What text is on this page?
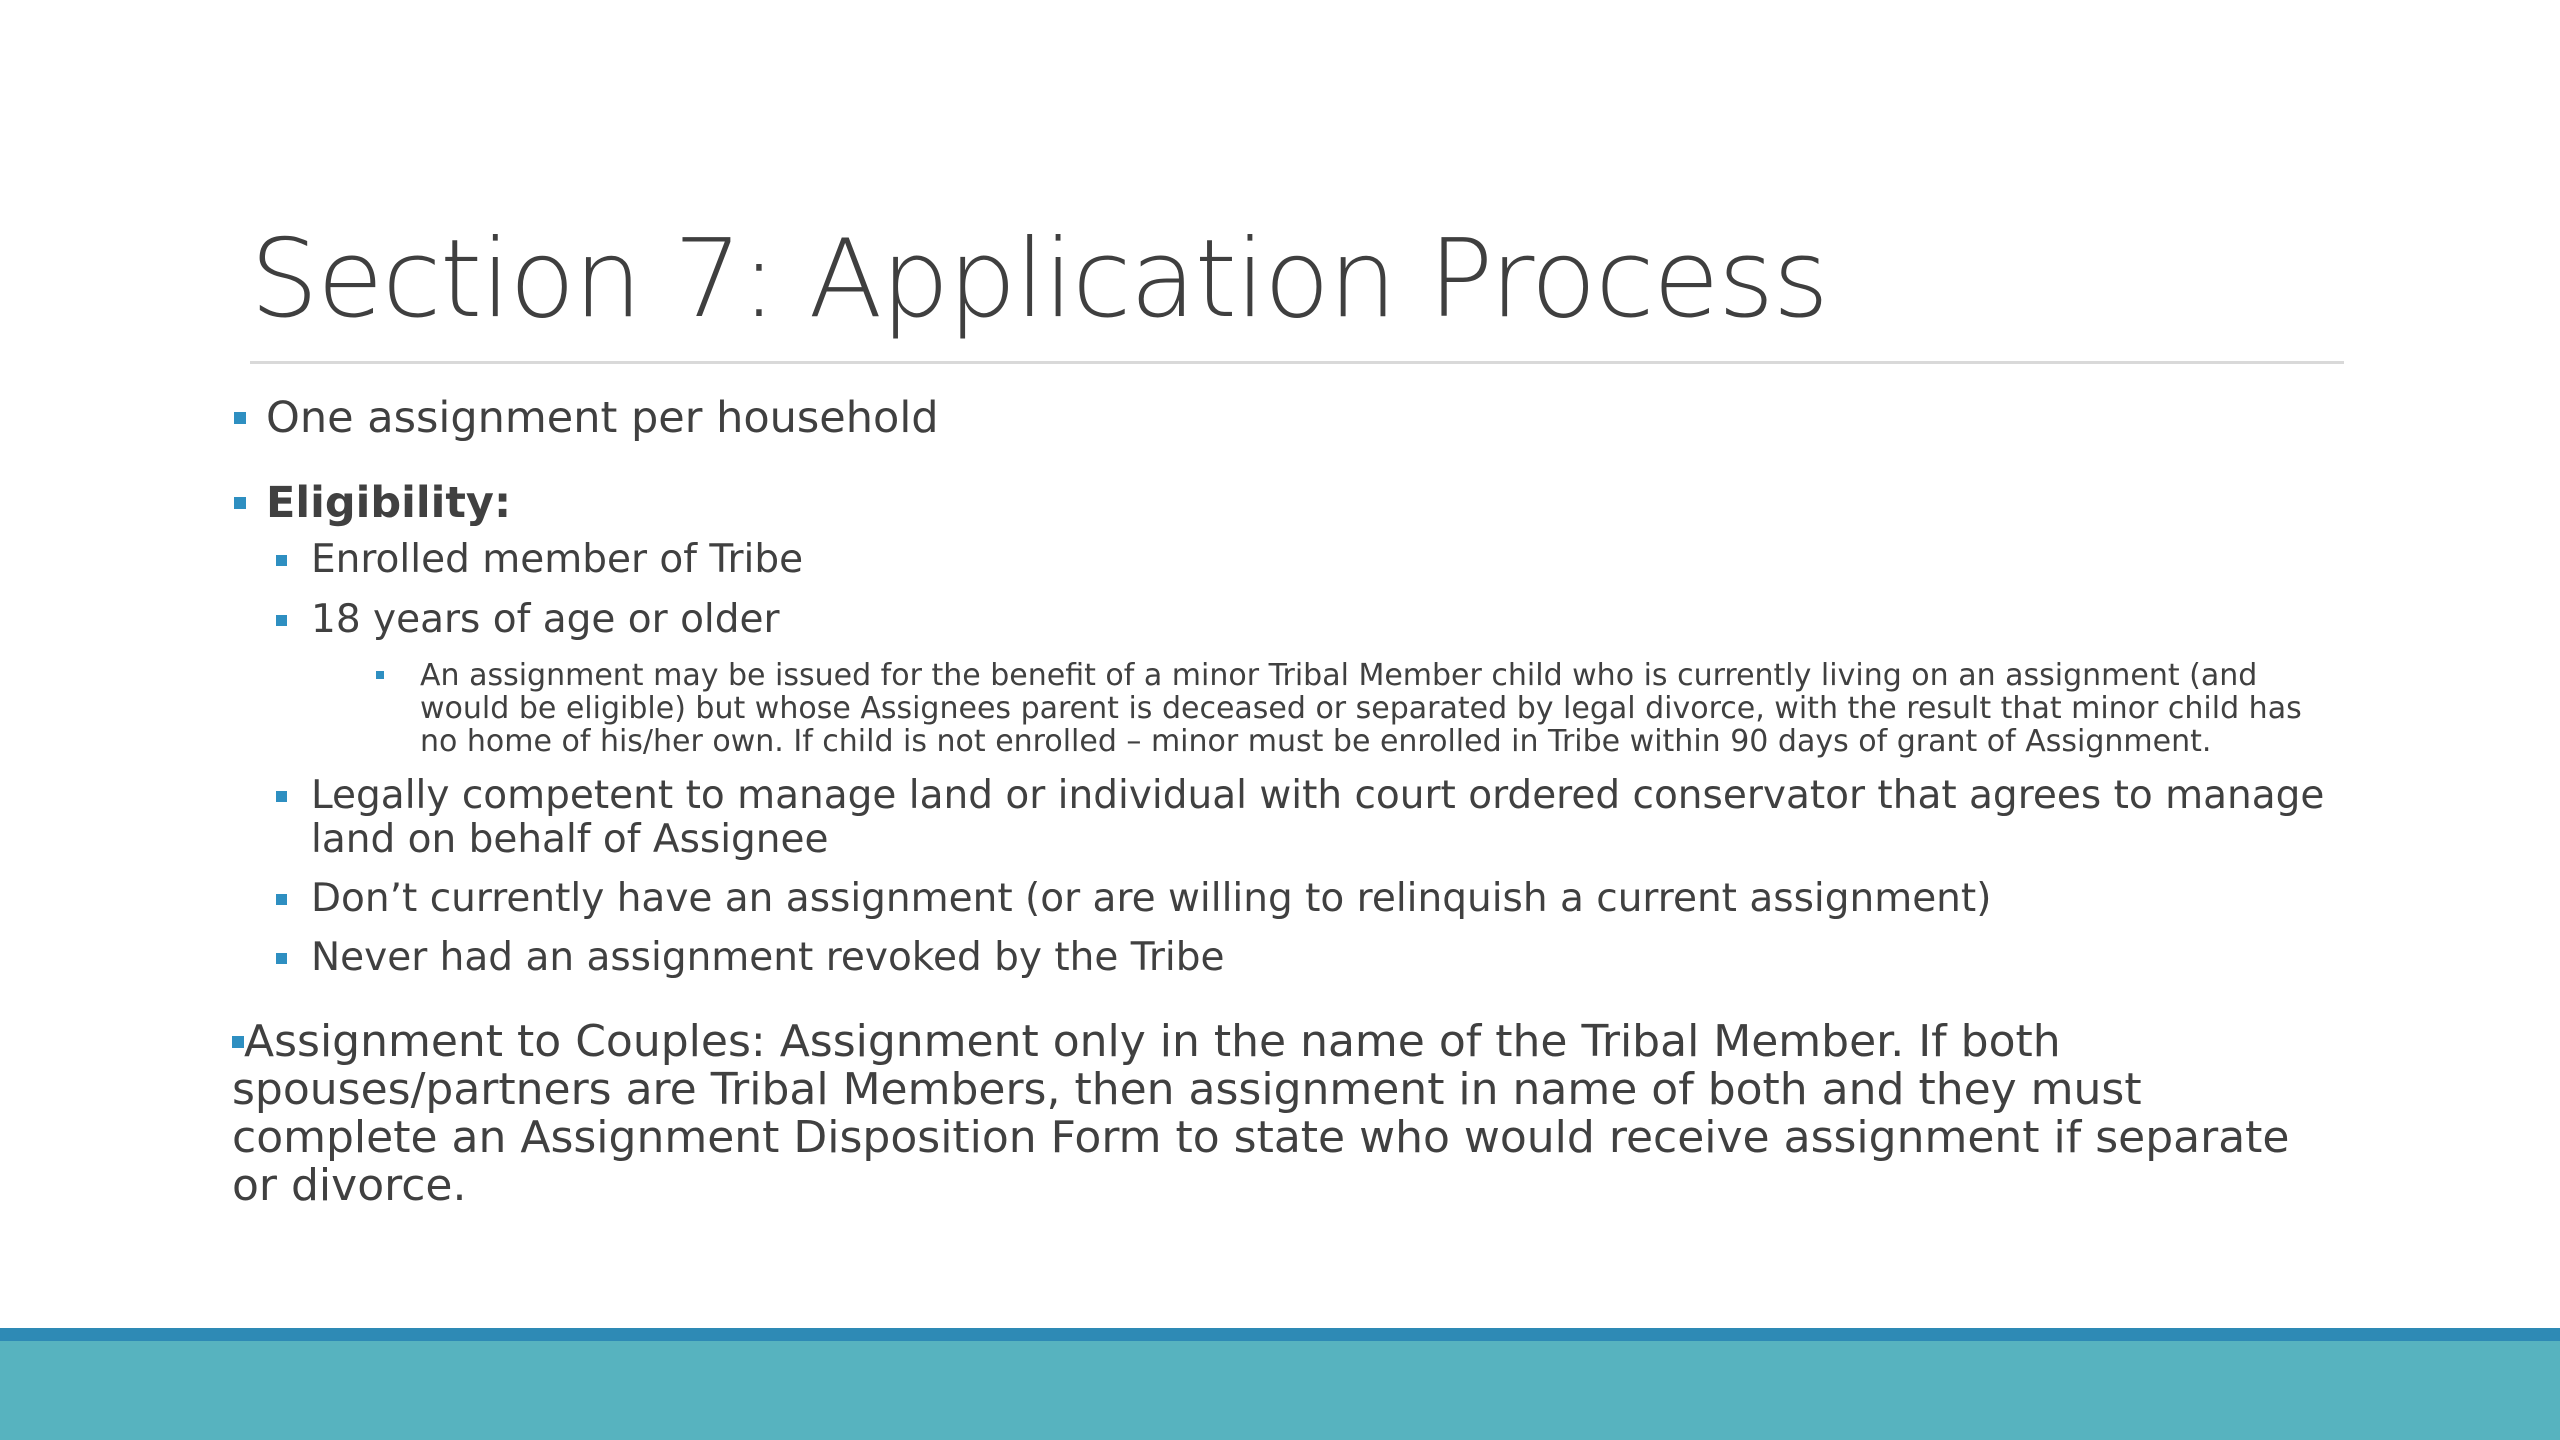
Section 7: Application Process
One assignment per household
Eligibility:
Enrolled member of Tribe
18 years of age or older
An assignment may be issued for the benefit of a minor Tribal Member child who is currently living on an assignment (and would be eligible) but whose Assignees parent is deceased or separated by legal divorce, with the result that minor child has no home of his/her own. If child is not enrolled – minor must be enrolled in Tribe within 90 days of grant of Assignment.
Legally competent to manage land or individual with court ordered conservator that agrees to manage land on behalf of Assignee
Don’t currently have an assignment (or are willing to relinquish a current assignment)
Never had an assignment revoked by the Tribe
Assignment to Couples: Assignment only in the name of the Tribal Member. If both spouses/partners are Tribal Members, then assignment in name of both and they must complete an Assignment Disposition Form to state who would receive assignment if separate or divorce.
